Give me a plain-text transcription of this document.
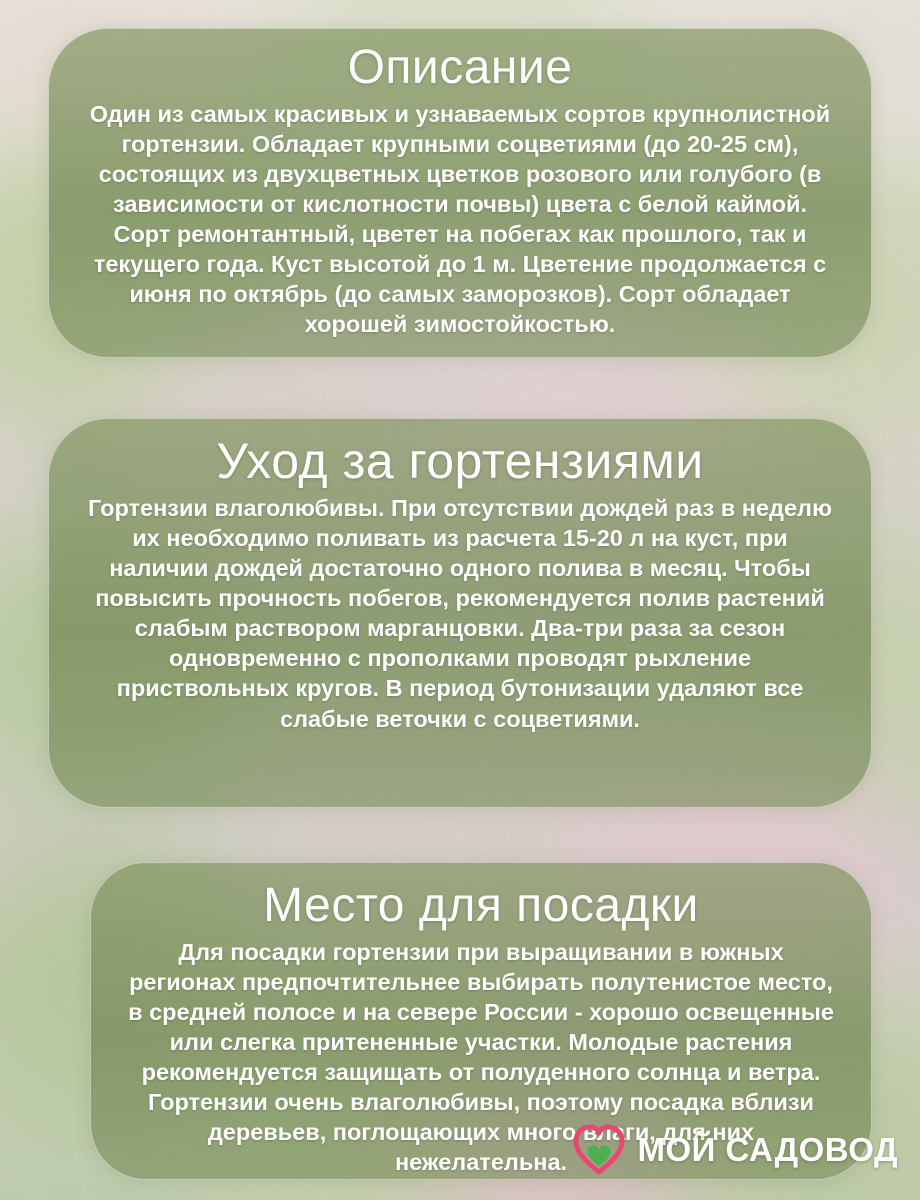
Описание

Один из самых красивых и узнаваемых сортов крупнолистной гортензии. Обладает крупными соцветиями (до 20-25 см), состоящих из двухцветных цветков розового или голубого (в зависимости от кислотности почвы) цвета с белой каймой. Сорт ремонтантный, цветет на побегах как прошлого, так и текущего года. Куст высотой до 1 м. Цветение продолжается с июня по октябрь (до самых заморозков). Сорт обладает хорошей зимостойкостью.

Уход за гортензиями

Гортензии влаголюбивы. При отсутствии дождей раз в неделю их необходимо поливать из расчета 15-20 л на куст, при наличии дождей достаточно одного полива в месяц. Чтобы повысить прочность побегов, рекомендуется полив растений слабым раствором марганцовки. Два-три раза за сезон одновременно с прополками проводят рыхление приствольных кругов. В период бутонизации удаляют все слабые веточки с соцветиями.

Место для посадки

Для посадки гортензии при выращивании в южных регионах предпочтительнее выбирать полутенистое место, в средней полосе и на севере России - хорошо освещенные или слегка притененные участки. Молодые растения рекомендуется защищать от полуденного солнца и ветра. Гортензии очень влаголюбивы, поэтому посадка вблизи деревьев, поглощающих много влаги, для них нежелательна.	МОЙ САДОВОД
